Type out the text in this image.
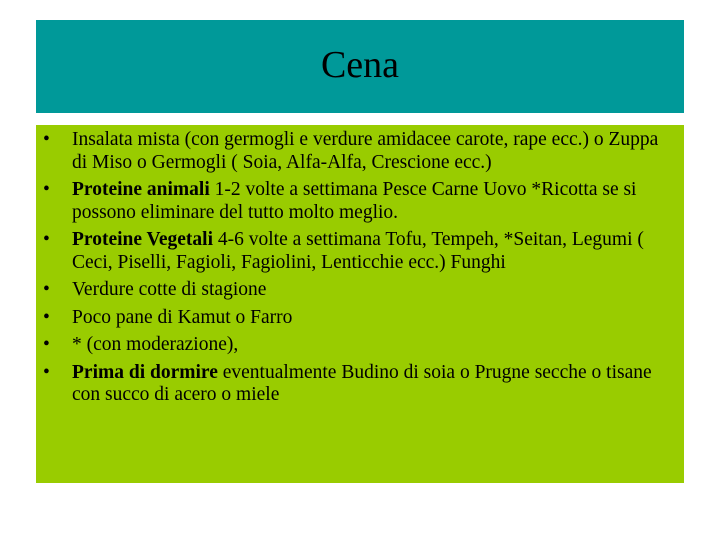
Cena
• Insalata mista (con germogli e verdure amidacee carote, rape ecc.) o Zuppa di Miso o Germogli ( Soia, Alfa-Alfa, Crescione ecc.)
• Proteine animali 1-2 volte a settimana Pesce Carne Uovo *Ricotta se si possono eliminare del tutto molto meglio.
• Proteine Vegetali 4-6 volte a settimana Tofu, Tempeh, *Seitan, Legumi ( Ceci, Piselli, Fagioli, Fagiolini, Lenticchie ecc.) Funghi
• Verdure cotte di stagione
• Poco pane di Kamut o Farro
• * (con moderazione),
• Prima di dormire eventualmente Budino di soia o Prugne secche o tisane con succo di acero o miele
